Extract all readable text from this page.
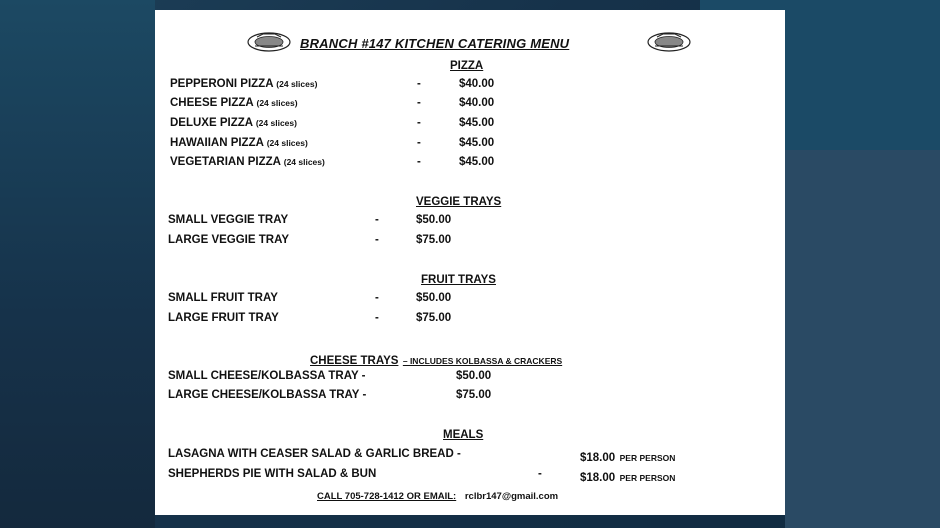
BRANCH #147 KITCHEN CATERING MENU
PIZZA
PEPPERONI PIZZA (24 slices)	-	$40.00
CHEESE PIZZA (24 slices)	-	$40.00
DELUXE PIZZA (24 slices)	-	$45.00
HAWAIIAN PIZZA (24 slices)	-	$45.00
VEGETARIAN PIZZA (24 slices)	-	$45.00
VEGGIE TRAYS
SMALL VEGGIE TRAY	-	$50.00
LARGE VEGGIE TRAY	-	$75.00
FRUIT TRAYS
SMALL FRUIT TRAY	-	$50.00
LARGE FRUIT TRAY	-	$75.00
CHEESE TRAYS – INCLUDES KOLBASSA & CRACKERS
SMALL CHEESE/KOLBASSA TRAY -	$50.00
LARGE CHEESE/KOLBASSA TRAY -	$75.00
MEALS
LASAGNA WITH CEASER SALAD & GARLIC BREAD -	$18.00 PER PERSON
SHEPHERDS PIE WITH SALAD & BUN	-	$18.00 PER PERSON
CALL 705-728-1412 OR EMAIL: rclbr147@gmail.com
